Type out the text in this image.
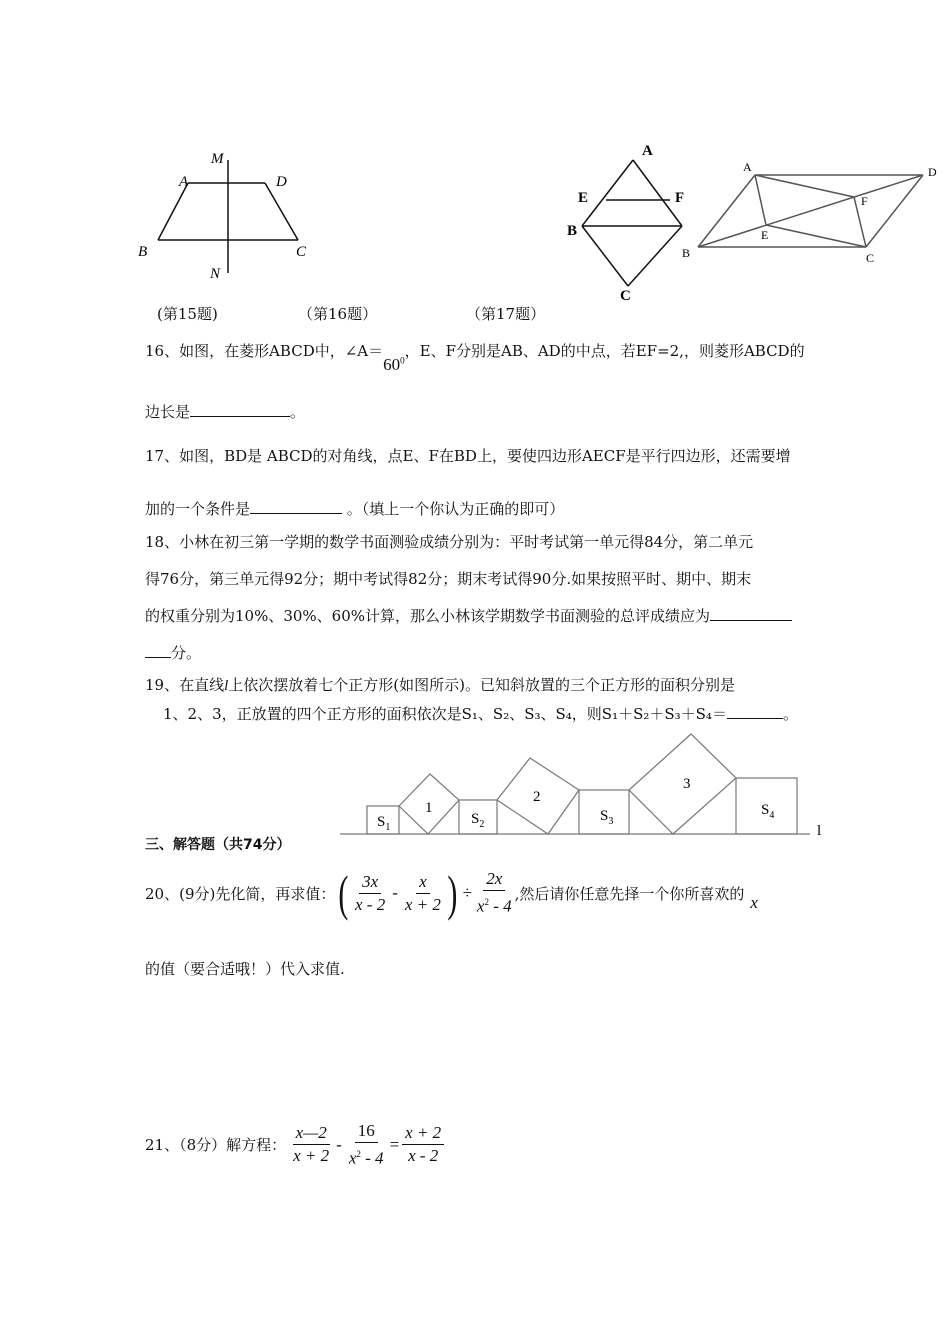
M
A	D
B	C
N
A
E	F
B
C
A	D
F
E
B	C
(第15题)	（第16题）	（第17题）
16、如图，在菱形ABCD中，$\angle A=60^0$，E、F分别是AB、AD的中点，若EF=2,，则菱形ABCD的
边长是	。
17、如图，BD是 ABCD的对角线，点E、F在BD上，要使四边形AECF是平行四边形，还需要增
加的一个条件是	。（填上一个你认为正确的即可）
18、小林在初三第一学期的数学书面测验成绩分别为：平时考试第一单元得84分，第二单元
得76分，第三单元得92分；期中考试得82分；期末考试得90分.如果按照平时、期中、期末
的权重分别为10%、30%、60%计算，那么小林该学期数学书面测验的总评成绩应为
分。
19、在直线l上依次摆放着七个正方形(如图所示)。已知斜放置的三个正方形的面积分别是
1、2、3，正放置的四个正方形的面积依次是S₁、S₂、S₃、S₄，则S₁＋S₂＋S₃＋S₄＝	。
1
2
3
$S_1$
$S_2$
$S_3$
$S_4$
l
三、解答题（共74分）
20、(9分)先化简，再求值： ( $\frac{3x}{x - 2} - \frac{x}{x + 2}$ ) ÷ $\frac{2x}{x^2 - 4}$ ,然后请你任意先择一个你所喜欢的 x
的值（要合适哦！）代入求值.
21、（8分）解方程： $\frac{x—2}{x + 2} - \frac{16}{x^2 - 4} = \frac{x + 2}{x - 2}$
